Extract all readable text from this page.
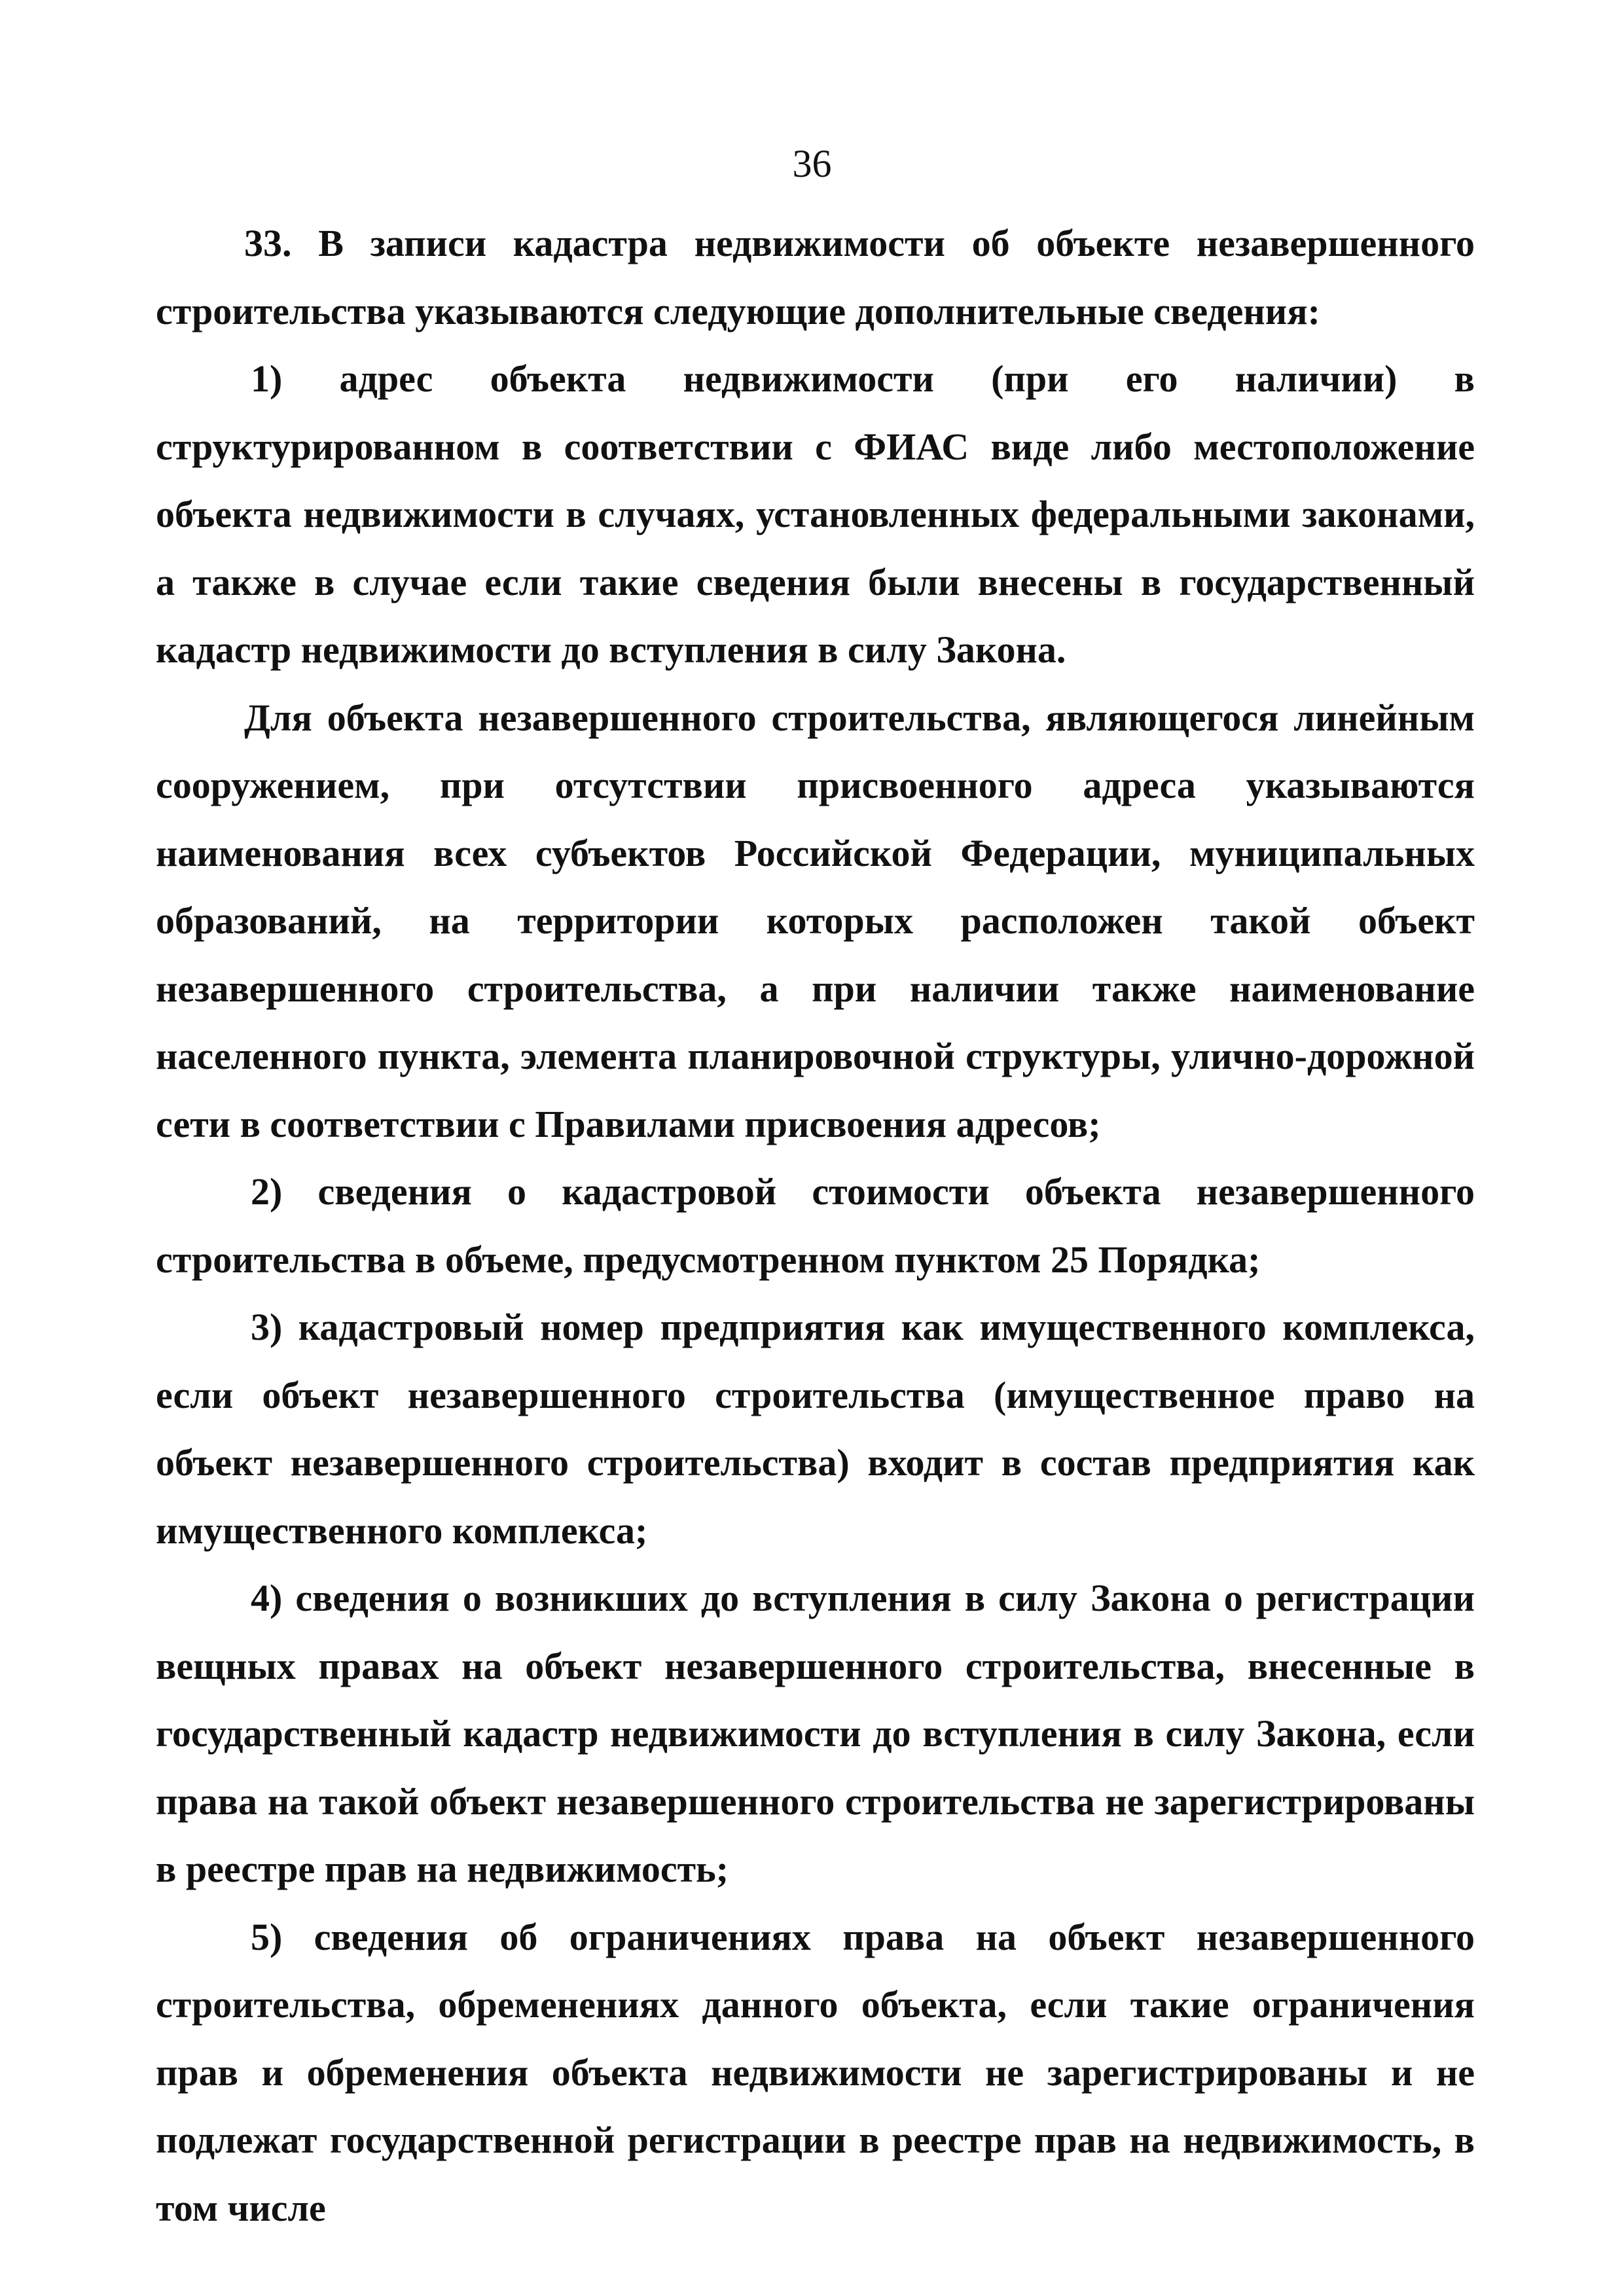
36

33. В записи кадастра недвижимости об объекте незавершенного строительства указываются следующие дополнительные сведения:

1) адрес объекта недвижимости (при его наличии) в структурированном в соответствии с ФИАС виде либо местоположение объекта недвижимости в случаях, установленных федеральными законами, а также в случае если такие сведения были внесены в государственный кадастр недвижимости до вступления в силу Закона.

Для объекта незавершенного строительства, являющегося линейным сооружением, при отсутствии присвоенного адреса указываются наименования всех субъектов Российской Федерации, муниципальных образований, на территории которых расположен такой объект незавершенного строительства, а при наличии также наименование населенного пункта, элемента планировочной структуры, улично-дорожной сети в соответствии с Правилами присвоения адресов;

2) сведения о кадастровой стоимости объекта незавершенного строительства в объеме, предусмотренном пунктом 25 Порядка;

3) кадастровый номер предприятия как имущественного комплекса, если объект незавершенного строительства (имущественное право на объект незавершенного строительства) входит в состав предприятия как имущественного комплекса;

4) сведения о возникших до вступления в силу Закона о регистрации вещных правах на объект незавершенного строительства, внесенные в государственный кадастр недвижимости до вступления в силу Закона, если права на такой объект незавершенного строительства не зарегистрированы в реестре прав на недвижимость;

5) сведения об ограничениях права на объект незавершенного строительства, обременениях данного объекта, если такие ограничения прав и обременения объекта недвижимости не зарегистрированы и не подлежат государственной регистрации в реестре прав на недвижимость, в том числе
